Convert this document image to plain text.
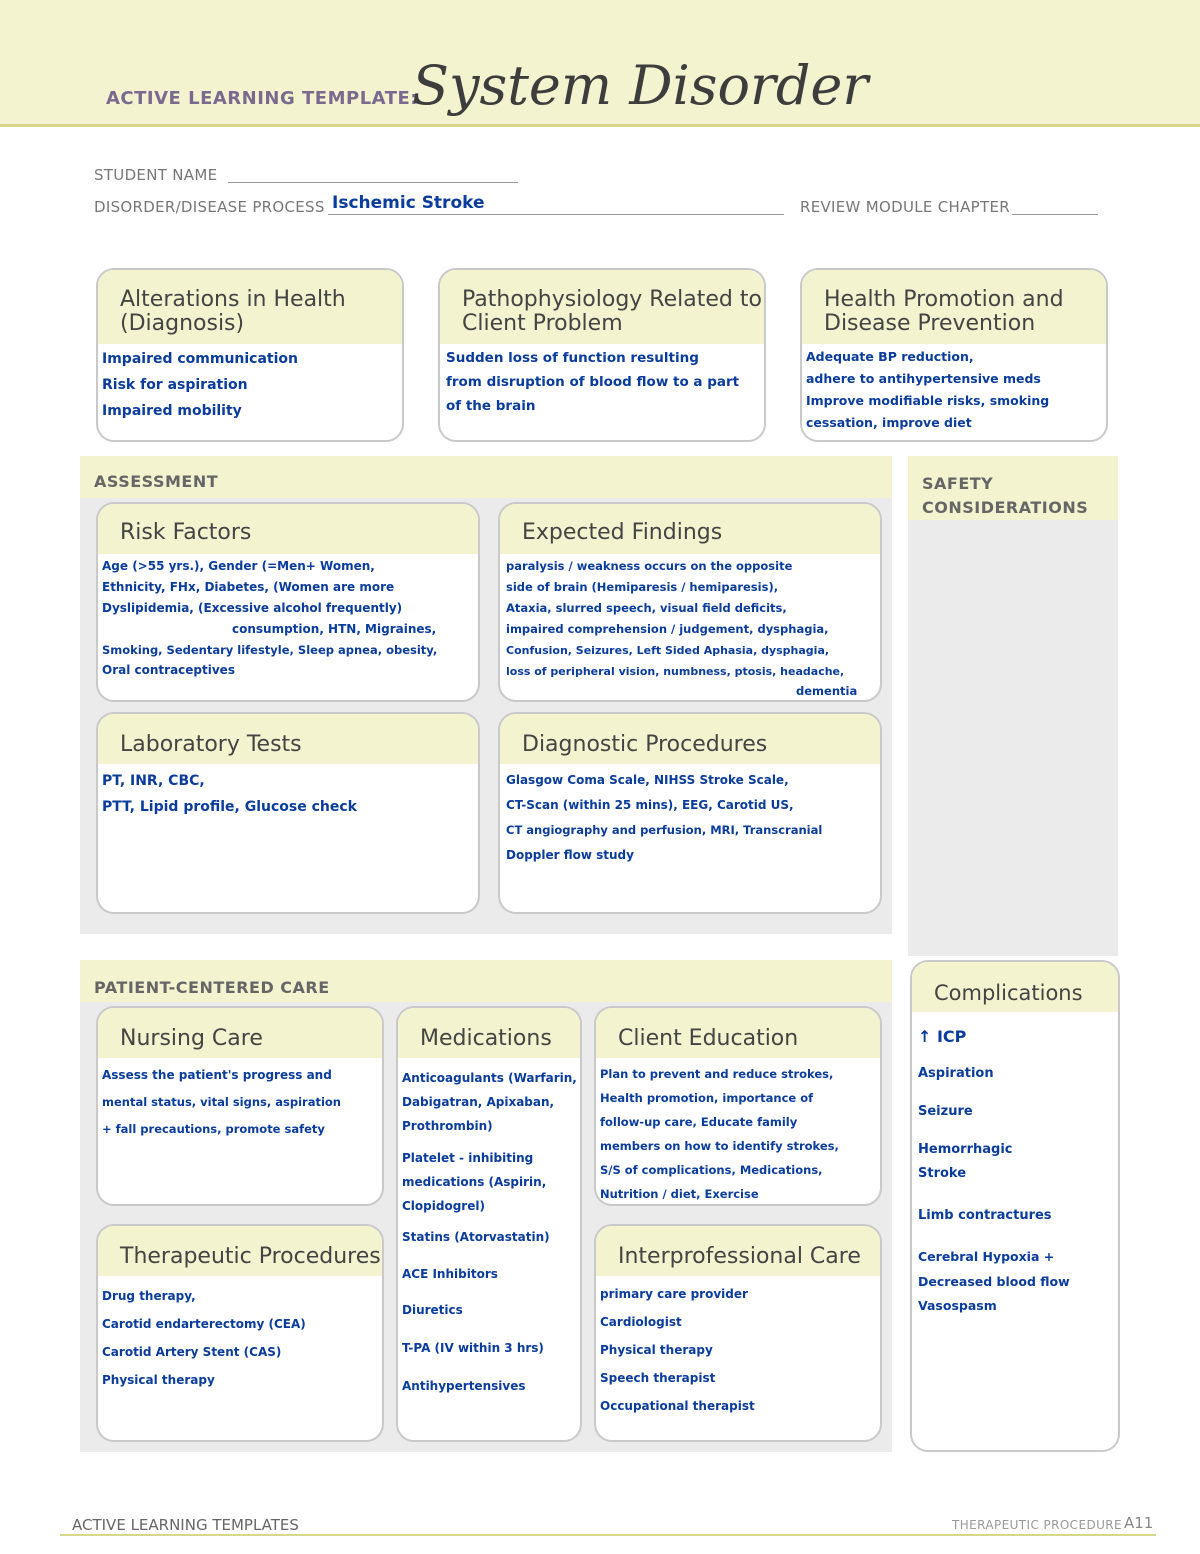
ACTIVE LEARNING TEMPLATE:
System Disorder
STUDENT NAME
DISORDER/DISEASE PROCESS Ischemic Stroke	REVIEW MODULE CHAPTER
Alterations in Health (Diagnosis)
Impaired communication
Risk for aspiration
Impaired mobility
Pathophysiology Related to Client Problem
Sudden loss of function resulting
from disruption of blood flow to a part
of the brain
Health Promotion and Disease Prevention
Adequate BP reduction,
adhere to antihypertensive meds
Improve modifiable risks, smoking
cessation, improve diet
ASSESSMENT	SAFETY CONSIDERATIONS
Risk Factors
Age (>55 yrs.), Gender (=Men+ Women,
Ethnicity, FHx, Diabetes, (Women are more
Dyslipidemia, (Excessive alcohol frequently)
consumption, HTN, Migraines,
Smoking, Sedentary lifestyle, Sleep apnea, obesity,
Oral contraceptives
Expected Findings
paralysis / weakness occurs on the opposite
side of brain (Hemiparesis / hemiparesis),
Ataxia, slurred speech, visual field deficits,
impaired comprehension / judgement, dysphagia,
Confusion, Seizures, Left Sided Aphasia, dysphagia,
loss of peripheral vision, numbness, ptosis, headache,
dementia
Laboratory Tests
PT, INR, CBC,
PTT, Lipid profile, Glucose check
Diagnostic Procedures
Glasgow Coma Scale, NIHSS Stroke Scale,
CT-Scan (within 25 mins), EEG, Carotid US,
CT angiography and perfusion, MRI, Transcranial
Doppler flow study
PATIENT-CENTERED CARE	Complications
↑ ICP
Aspiration
Seizure
Hemorrhagic Stroke
Limb contractures
Cerebral Hypoxia + Decreased blood flow
Vasospasm
Nursing Care
Assess the patient's progress and
mental status, vital signs, aspiration
+ fall precautions, promote safety
Medications
Anticoagulants (Warfarin, Dabigatran, Apixaban, Prothrombin)
Platelet - inhibiting medications (Aspirin, Clopidogrel)
Statins (Atorvastatin)
ACE Inhibitors
Diuretics
T-PA (IV within 3 hrs)
Antihypertensives
Client Education
Plan to prevent and reduce strokes,
Health promotion, importance of
follow-up care, Educate family
members on how to identify strokes,
S/S of complications, Medications,
Nutrition / diet, Exercise
Therapeutic Procedures
Drug therapy,
Carotid endarterectomy (CEA)
Carotid Artery Stent (CAS)
Physical therapy
Interprofessional Care
primary care provider
Cardiologist
Physical therapy
Speech therapist
Occupational therapist
ACTIVE LEARNING TEMPLATES	THERAPEUTIC PROCEDURE A11
